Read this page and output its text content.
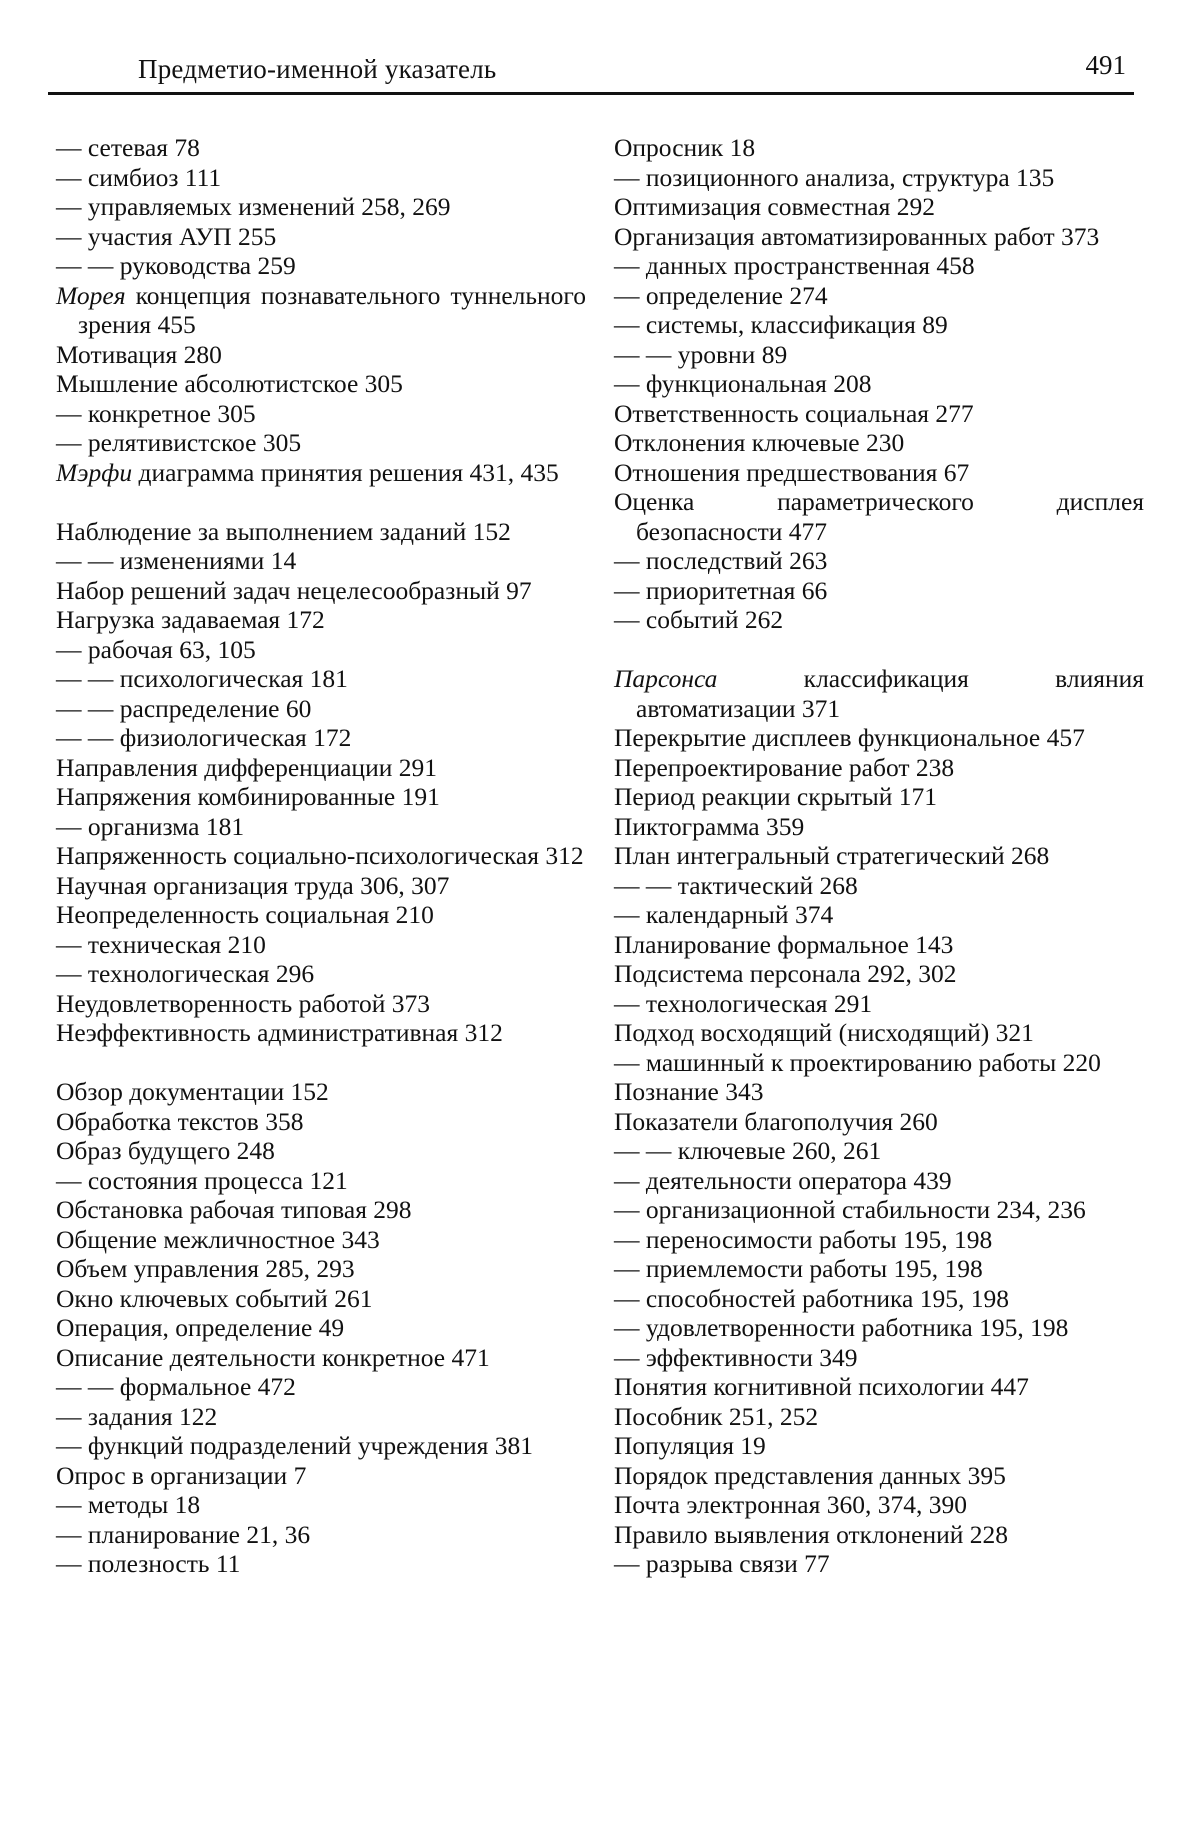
Предметио-именной указатель	491
— сетевая 78
— симбиоз 111
— управляемых изменений 258, 269
— участия АУП 255
— — руководства 259
Морея концепция познавательного туннельного зрения 455
Мотивация 280
Мышление абсолютистское 305
— конкретное 305
— релятивистское 305
Мэрфи диаграмма принятия решения 431, 435
Наблюдение за выполнением заданий 152
— — изменениями 14
Набор решений задач нецелесообразный 97
Нагрузка задаваемая 172
— рабочая 63, 105
— — психологическая 181
— — распределение 60
— — физиологическая 172
Направления дифференциации 291
Напряжения комбинированные 191
— организма 181
Напряженность социально-психологическая 312
Научная организация труда 306, 307
Неопределенность социальная 210
— техническая 210
— технологическая 296
Неудовлетворенность работой 373
Неэффективность административная 312
Обзор документации 152
Обработка текстов 358
Образ будущего 248
— состояния процесса 121
Обстановка рабочая типовая 298
Общение межличностное 343
Объем управления 285, 293
Окно ключевых событий 261
Операция, определение 49
Описание деятельности конкретное 471
— — формальное 472
— задания 122
— функций подразделений учреждения 381
Опрос в организации 7
— методы 18
— планирование 21, 36
— полезность 11
Опросник 18
— позиционного анализа, структура 135
Оптимизация совместная 292
Организация автоматизированных работ 373
— данных пространственная 458
— определение 274
— системы, классификация 89
— — уровни 89
— функциональная 208
Ответственность социальная 277
Отклонения ключевые 230
Отношения предшествования 67
Оценка параметрического дисплея безопасности 477
— последствий 263
— приоритетная 66
— событий 262
Парсонса классификация влияния автоматизации 371
Перекрытие дисплеев функциональное 457
Перепроектирование работ 238
Период реакции скрытый 171
Пиктограмма 359
План интегральный стратегический 268
— — тактический 268
— календарный 374
Планирование формальное 143
Подсистема персонала 292, 302
— технологическая 291
Подход восходящий (нисходящий) 321
— машинный к проектированию работы 220
Познание 343
Показатели благополучия 260
— — ключевые 260, 261
— деятельности оператора 439
— организационной стабильности 234, 236
— переносимости работы 195, 198
— приемлемости работы 195, 198
— способностей работника 195, 198
— удовлетворенности работника 195, 198
— эффективности 349
Понятия когнитивной психологии 447
Пособник 251, 252
Популяция 19
Порядок представления данных 395
Почта электронная 360, 374, 390
Правило выявления отклонений 228
— разрыва связи 77
